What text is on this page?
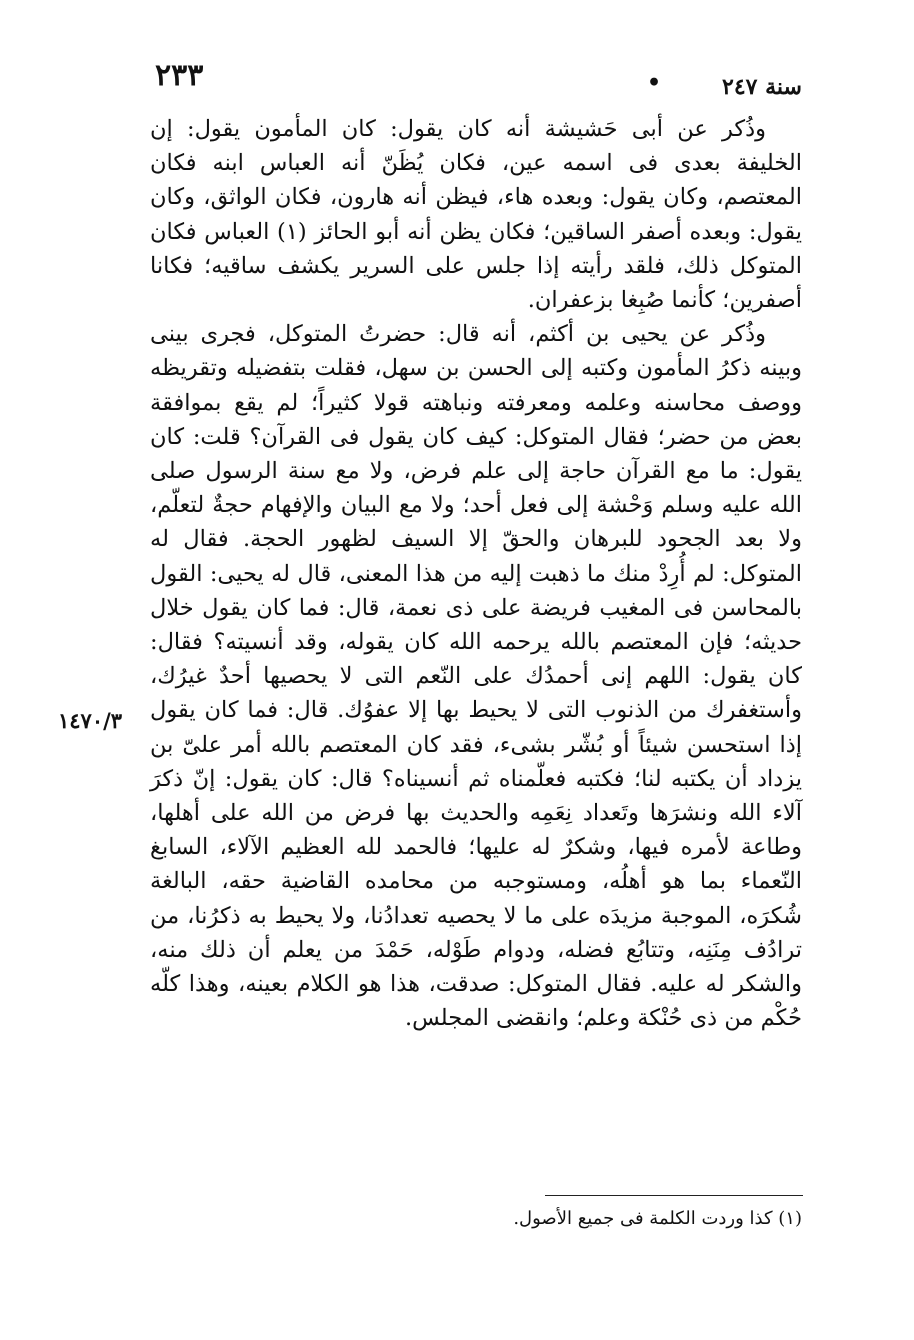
٢٣٣	•	سنة ٢٤٧
١٤٧٠/٣

وذُكر عن أبى حَشيشة أنه كان يقول: كان المأمون يقول: إن الخليفة بعدى فى اسمه عين، فكان يُظَنّ أنه العباس ابنه فكان المعتصم، وكان يقول: وبعده هاء، فيظن أنه هارون، فكان الواثق، وكان يقول: وبعده أصفر الساقين؛ فكان يظن أنه أبو الحائز (١) العباس فكان المتوكل ذلك، فلقد رأيته إذا جلس على السرير يكشف ساقيه؛ فكانا أصفرين؛ كأنما صُبِغا بزعفران.

وذُكر عن يحيى بن أكثم، أنه قال: حضرتُ المتوكل، فجرى بينى وبينه ذكرُ المأمون وكتبه إلى الحسن بن سهل، فقلت بتفضيله وتقريظه ووصف محاسنه وعلمه ومعرفته ونباهته قولا كثيراً؛ لم يقع بموافقة بعض من حضر؛ فقال المتوكل: كيف كان يقول فى القرآن؟ قلت: كان يقول: ما مع القرآن حاجة إلى علم فرض، ولا مع سنة الرسول صلى الله عليه وسلم وَحْشة إلى فعل أحد؛ ولا مع البيان والإفهام حجةٌ لتعلّم، ولا بعد الجحود للبرهان والحقّ إلا السيف لظهور الحجة. فقال له المتوكل: لم أُرِدْ منك ما ذهبت إليه من هذا المعنى، قال له يحيى: القول بالمحاسن فى المغيب فريضة على ذى نعمة، قال: فما كان يقول خلال حديثه؛ فإن المعتصم بالله يرحمه الله كان يقوله، وقد أنسيته؟ فقال: كان يقول: اللهم إنى أحمدُك على النّعم التى لا يحصيها أحدٌ غيرُك، وأستغفرك من الذنوب التى لا يحيط بها إلا عفوُك. قال: فما كان يقول إذا استحسن شيئاً أو بُشّر بشىء، فقد كان المعتصم بالله أمر علىّ بن يزداد أن يكتبه لنا؛ فكتبه فعلّمناه ثم أنسيناه؟ قال: كان يقول: إنّ ذكرَ آلاء الله ونشرَها وتَعداد نِعَمِه والحديث بها فرض من الله على أهلها، وطاعة لأمره فيها، وشكرٌ له عليها؛ فالحمد لله العظيم الآلاء، السابغ النّعماء بما هو أهلُه، ومستوجبه من محامده القاضية حقه، البالغة شُكرَه، الموجبة مزيدَه على ما لا يحصيه تعدادُنا، ولا يحيط به ذكرُنا، من ترادُف مِنَنِه، وتتابُع فضله، ودوام طَوْله، حَمْدَ من يعلم أن ذلك منه، والشكر له عليه. فقال المتوكل: صدقت، هذا هو الكلام بعينه، وهذا كلّه حُكْم من ذى حُنْكة وعلم؛ وانقضى المجلس.

(١) كذا وردت الكلمة فى جميع الأصول.
